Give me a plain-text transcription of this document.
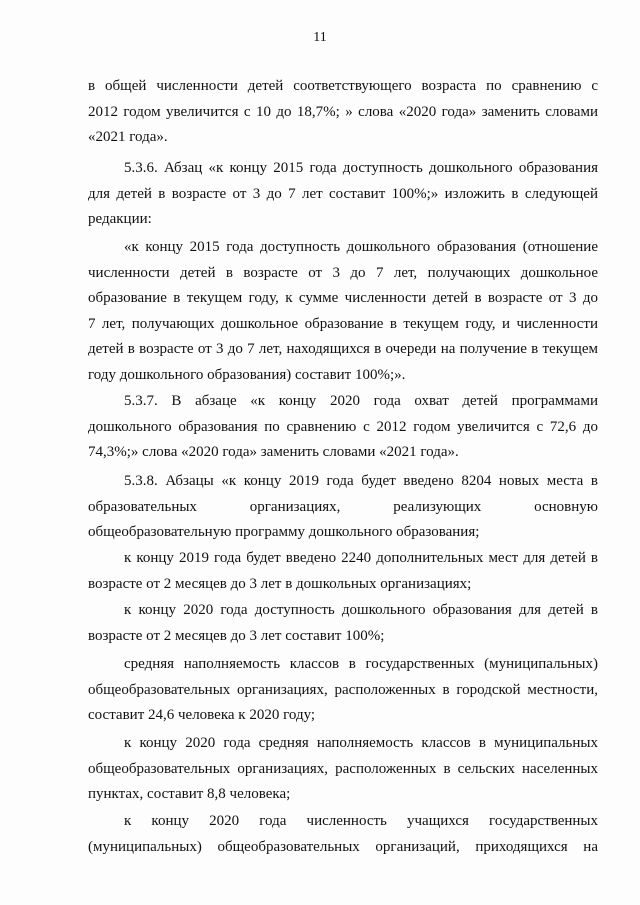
11
в общей численности детей соответствующего возраста по сравнению с
2012 годом увеличится с 10 до 18,7%; » слова «2020 года» заменить словами
«2021 года».
5.3.6. Абзац «к концу 2015 года доступность дошкольного образования
для детей в возрасте от 3 до 7 лет составит 100%;» изложить в следующей
редакции:
«к концу 2015 года доступность дошкольного образования (отношение
численности детей в возрасте от 3 до 7 лет, получающих дошкольное
образование в текущем году, к сумме численности детей в возрасте от 3 до
7 лет, получающих дошкольное образование в текущем году, и численности
детей в возрасте от 3 до 7 лет, находящихся в очереди на получение в текущем
году дошкольного образования) составит 100%;».
5.3.7. В абзаце «к концу 2020 года охват детей программами
дошкольного образования по сравнению с 2012 годом увеличится с 72,6 до
74,3%;» слова «2020 года» заменить словами «2021 года».
5.3.8. Абзацы «к концу 2019 года будет введено 8204 новых места в
образовательных организациях, реализующих основную
общеобразовательную программу дошкольного образования;
к концу 2019 года будет введено 2240 дополнительных мест для детей в
возрасте от 2 месяцев до 3 лет в дошкольных организациях;
к концу 2020 года доступность дошкольного образования для детей в
возрасте от 2 месяцев до 3 лет составит 100%;
средняя наполняемость классов в государственных (муниципальных)
общеобразовательных организациях, расположенных в городской местности,
составит 24,6 человека к 2020 году;
к концу 2020 года средняя наполняемость классов в муниципальных
общеобразовательных организациях, расположенных в сельских населенных
пунктах, составит 8,8 человека;
к концу 2020 года численность учащихся государственных
(муниципальных) общеобразовательных организаций, приходящихся на
